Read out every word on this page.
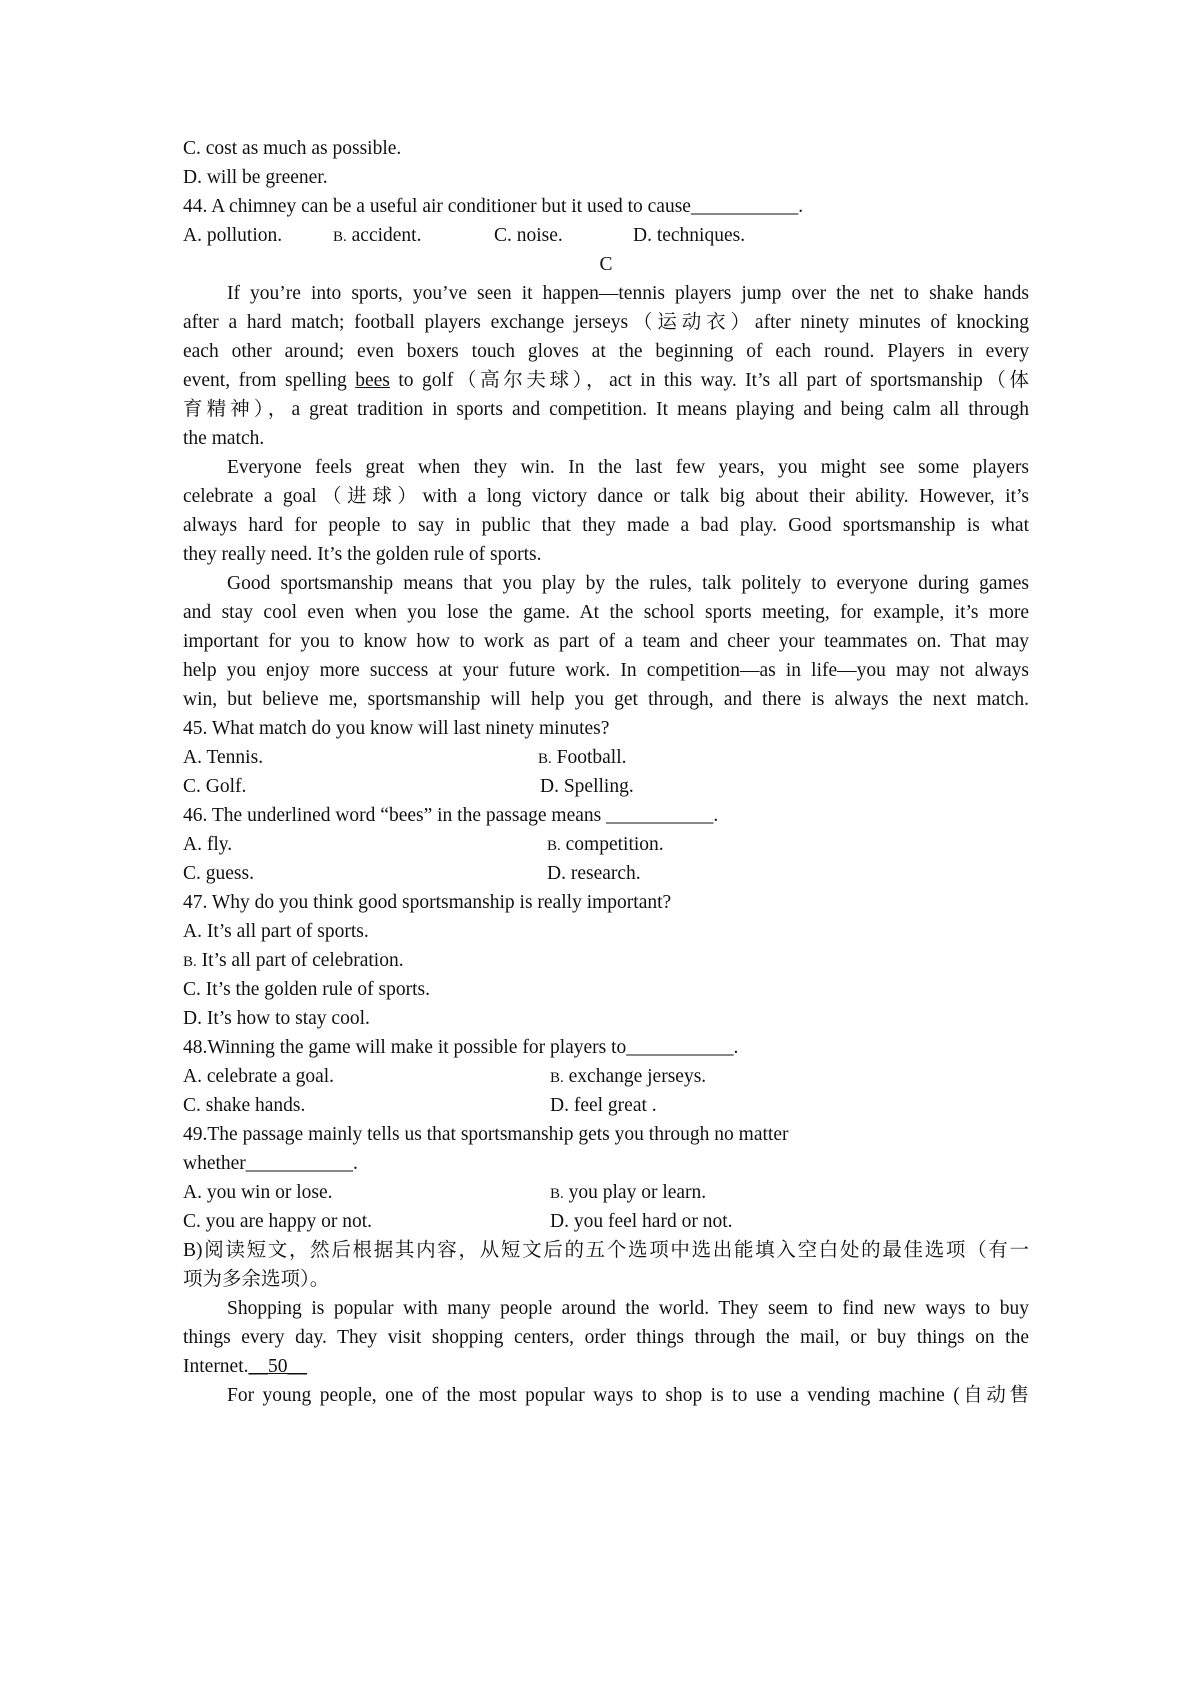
C. cost as much as possible.
D. will be greener.
44. A chimney can be a useful air conditioner but it used to cause___________.
A. pollution.	B. accident.	C. noise.	D. techniques.
C
If you’re into sports, you’ve seen it happen—tennis players jump over the net to shake hands
after a hard match; football players exchange jerseys（运动衣）after ninety minutes of knocking
each other around; even boxers touch gloves at the beginning of each round. Players in every
event, from spelling bees to golf（高尔夫球），act in this way. It’s all part of sportsmanship（体
育精神），a great tradition in sports and competition. It means playing and being calm all through
the match.
Everyone feels great when they win. In the last few years, you might see some players
celebrate a goal（进球）with a long victory dance or talk big about their ability. However, it’s
always hard for people to say in public that they made a bad play. Good sportsmanship is what
they really need. It’s the golden rule of sports.
Good sportsmanship means that you play by the rules, talk politely to everyone during games
and stay cool even when you lose the game. At the school sports meeting, for example, it’s more
important for you to know how to work as part of a team and cheer your teammates on. That may
help you enjoy more success at your future work. In competition—as in life—you may not always
win, but believe me, sportsmanship will help you get through, and there is always the next match.
45. What match do you know will last ninety minutes?
A. Tennis.	B. Football.
C. Golf.	D. Spelling.
46. The underlined word “bees” in the passage means ___________.
A. fly.	B. competition.
C. guess.	D. research.
47. Why do you think good sportsmanship is really important?
A. It’s all part of sports.
B. It’s all part of celebration.
C. It’s the golden rule of sports.
D. It’s how to stay cool.
48.Winning the game will make it possible for players to___________.
A. celebrate a goal.	B. exchange jerseys.
C. shake hands.	D. feel great .
49.The passage mainly tells us that sportsmanship gets you through no matter
whether___________.
A. you win or lose.	B. you play or learn.
C. you are happy or not.	D. you feel hard or not.
B)阅读短文，然后根据其内容，从短文后的五个选项中选出能填入空白处的最佳选项（有一
项为多余选项）。
Shopping is popular with many people around the world. They seem to find new ways to buy
things every day. They visit shopping centers, order things through the mail, or buy things on the
Internet.__50__
For young people, one of the most popular ways to shop is to use a vending machine (自动售
